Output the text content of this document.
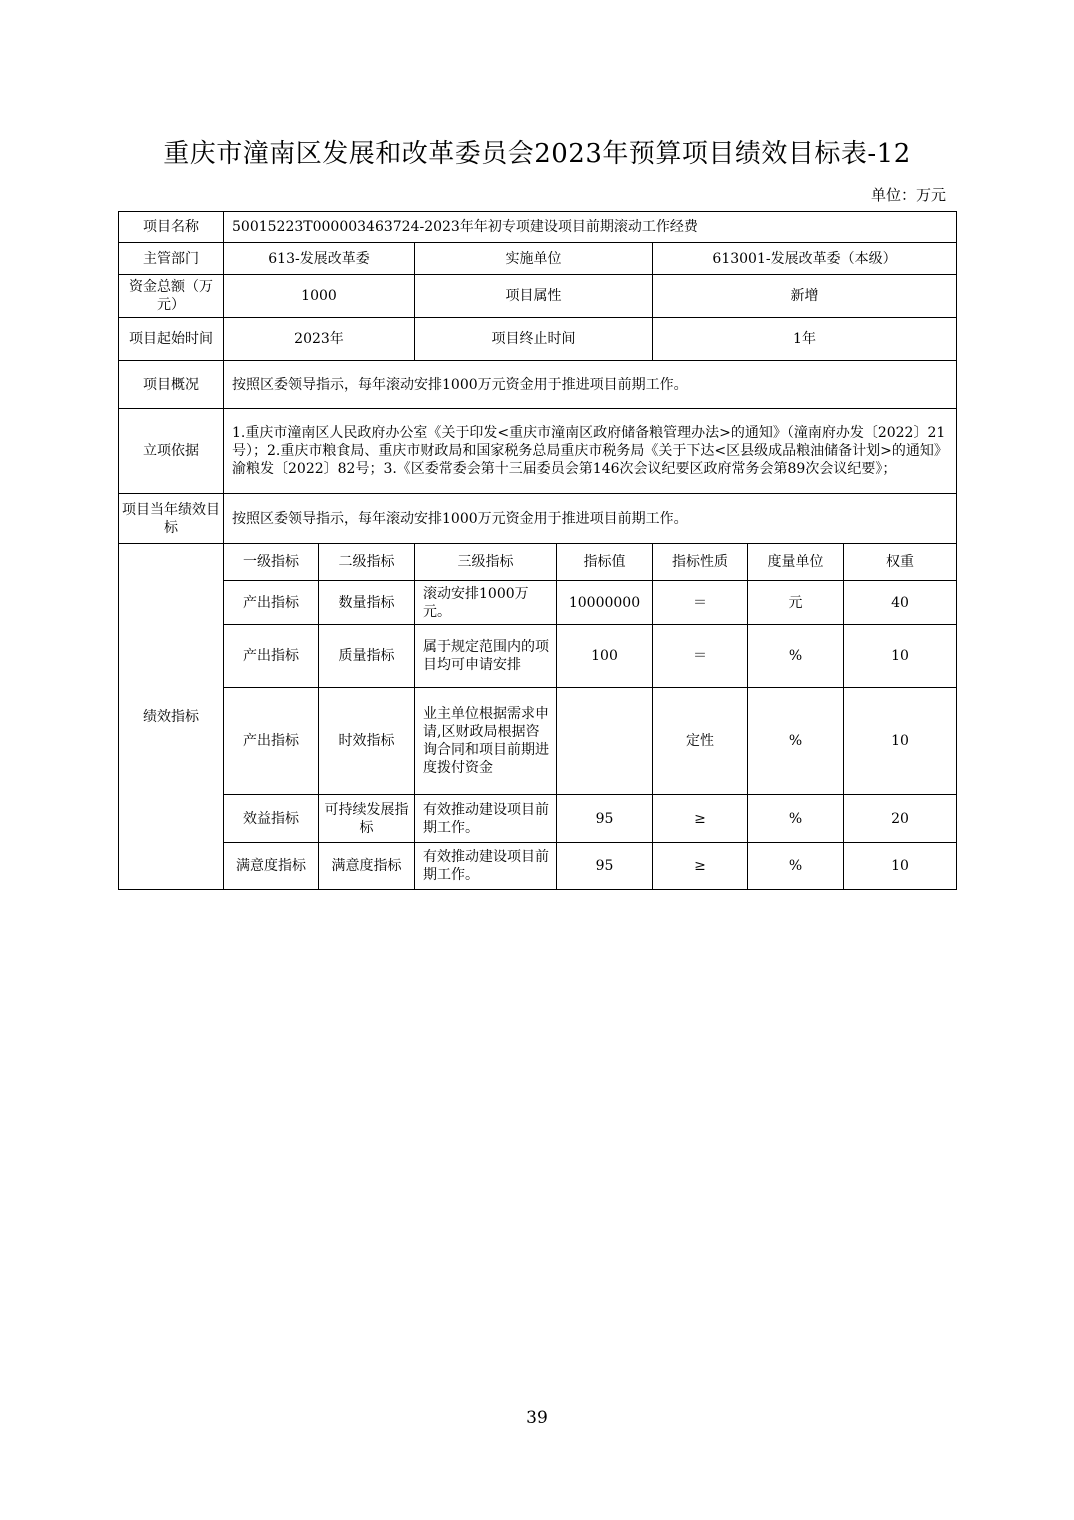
重庆市潼南区发展和改革委员会2023年预算项目绩效目标表-12
单位：万元
项目名称	50015223T000003463724-2023年年初专项建设项目前期滚动工作经费						
主管部门	613-发展改革委		实施单位		613001-发展改革委（本级）		
资金总额（万元）	1000		项目属性		新增		
项目起始时间	2023年		项目终止时间		1年		
项目概况	按照区委领导指示，每年滚动安排1000万元资金用于推进项目前期工作。						
立项依据	1.重庆市潼南区人民政府办公室《关于印发<重庆市潼南区政府储备粮管理办法>的通知》（潼南府办发〔2022〕21号）；2.重庆市粮食局、重庆市财政局和国家税务总局重庆市税务局《关于下达<区县级成品粮油储备计划>的通知》渝粮发〔2022〕82号；3.《区委常委会第十三届委员会第146次会议纪要区政府常务会第89次会议纪要》；						
项目当年绩效目标	按照区委领导指示，每年滚动安排1000万元资金用于推进项目前期工作。						
绩效指标	一级指标	二级指标	三级指标	指标值	指标性质	度量单位	权重
	产出指标	数量指标	滚动安排1000万元。	10000000	＝	元	40
	产出指标	质量指标	属于规定范围内的项目均可申请安排	100	＝	%	10
	产出指标	时效指标	业主单位根据需求申请,区财政局根据咨询合同和项目前期进度拨付资金		定性	%	10
	效益指标	可持续发展指标	有效推动建设项目前期工作。	95	≥	%	20
	满意度指标	满意度指标	有效推动建设项目前期工作。	95	≥	%	10
39
